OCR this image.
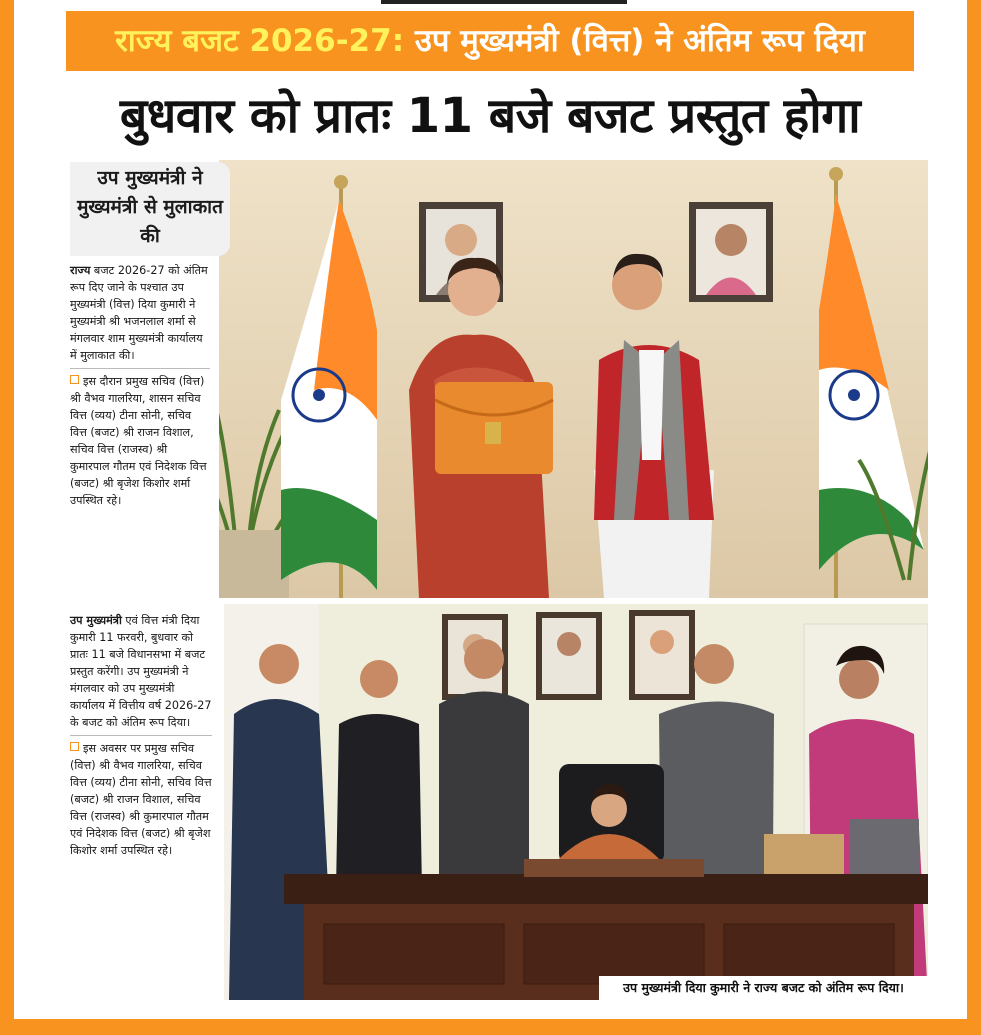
राज्य बजट 2026-27: उप मुख्यमंत्री (वित्त) ने अंतिम रूप दिया
बुधवार को प्रातः 11 बजे बजट प्रस्तुत होगा
उप मुख्यमंत्री दिया कुमारी ने राज्य बजट को अंतिम रूप दिया।
उप मुख्यमंत्री ने मुख्यमंत्री से मुलाकात की
राज्य बजट 2026-27 को अंतिम रूप दिए जाने के पश्चात उप मुख्यमंत्री (वित्त) दिया कुमारी ने मुख्यमंत्री श्री भजनलाल शर्मा से मंगलवार शाम मुख्यमंत्री कार्यालय में मुलाकात की।
इस दौरान प्रमुख सचिव (वित्त) श्री वैभव गालरिया, शासन सचिव वित्त (व्यय) टीना सोनी, सचिव वित्त (बजट) श्री राजन विशाल, सचिव वित्त (राजस्व) श्री कुमारपाल गौतम एवं निदेशक वित्त (बजट) श्री बृजेश किशोर शर्मा उपस्थित रहे।
उप मुख्यमंत्री एवं वित्त मंत्री दिया कुमारी 11 फरवरी, बुधवार को प्रातः 11 बजे विधानसभा में बजट प्रस्तुत करेंगी। उप मुख्यमंत्री ने मंगलवार को उप मुख्यमंत्री कार्यालय में वित्तीय वर्ष 2026-27 के बजट को अंतिम रूप दिया।
इस अवसर पर प्रमुख सचिव (वित्त) श्री वैभव गालरिया, सचिव वित्त (व्यय) टीना सोनी, सचिव वित्त (बजट) श्री राजन विशाल, सचिव वित्त (राजस्व) श्री कुमारपाल गौतम एवं निदेशक वित्त (बजट) श्री बृजेश किशोर शर्मा उपस्थित रहे।
